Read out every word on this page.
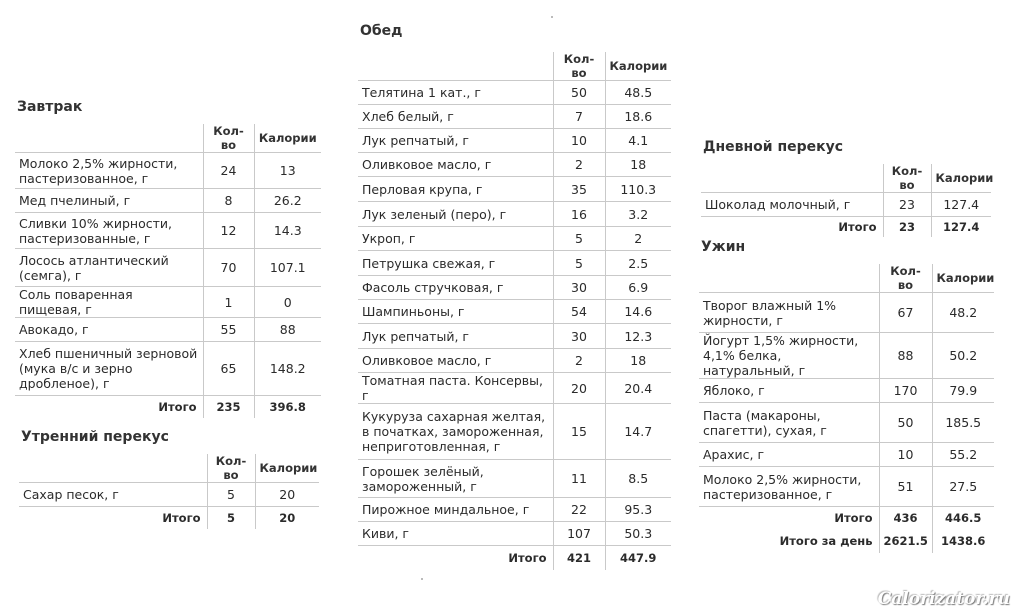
Завтрак
	Кол-во	Калории
Молоко 2,5% жирности, пастеризованное, г	24	13
Мед пчелиный, г	8	26.2
Сливки 10% жирности, пастеризованные, г	12	14.3
Лосось атлантический (семга), г	70	107.1
Соль поваренная пищевая, г	1	0
Авокадо, г	55	88
Хлеб пшеничный зерновой (мука в/с и зерно дробленое), г	65	148.2
Итого	235	396.8
Утренний перекус
	Кол-во	Калории
Сахар песок, г	5	20
Итого	5	20
Обед
	Кол-во	Калории
Телятина 1 кат., г	50	48.5
Хлеб белый, г	7	18.6
Лук репчатый, г	10	4.1
Оливковое масло, г	2	18
Перловая крупа, г	35	110.3
Лук зеленый (перо), г	16	3.2
Укроп, г	5	2
Петрушка свежая, г	5	2.5
Фасоль стручковая, г	30	6.9
Шампиньоны, г	54	14.6
Лук репчатый, г	30	12.3
Оливковое масло, г	2	18
Томатная паста. Консервы, г	20	20.4
Кукуруза сахарная желтая, в початках, замороженная, неприготовленная, г	15	14.7
Горошек зелёный, замороженный, г	11	8.5
Пирожное миндальное, г	22	95.3
Киви, г	107	50.3
Итого	421	447.9
Дневной перекус
	Кол-во	Калории
Шоколад молочный, г	23	127.4
Итого	23	127.4
Ужин
	Кол-во	Калории
Творог влажный 1% жирности, г	67	48.2
Йогурт 1,5% жирности, 4,1% белка, натуральный, г	88	50.2
Яблоко, г	170	79.9
Паста (макароны, спагетти), сухая, г	50	185.5
Арахис, г	10	55.2
Молоко 2,5% жирности, пастеризованное, г	51	27.5
Итого	436	446.5
Итого за день	2621.5	1438.6
Calorizator.ru
